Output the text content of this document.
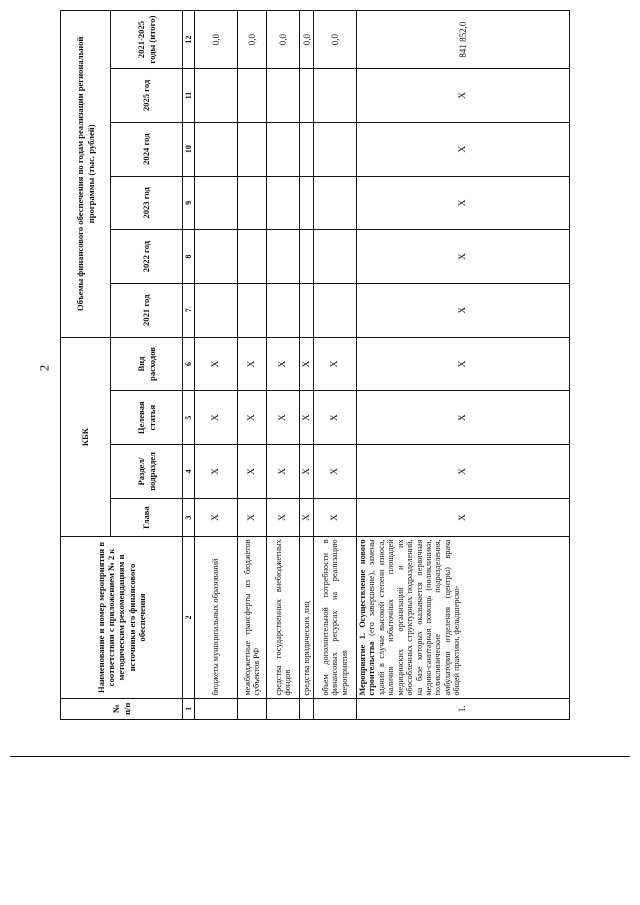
2
№ п/п	Наименование и номер мероприятия в соответствии с приложением № 2 к методическим рекомендациям и источники его финансового обеспечения	КБК				Объемы финансового обеспечения по годам реализации региональной программы (тыс. рублей)					
		Глава	Раздел/ подраздел	Целевая статья	Вид расходов	2021 год	2022 год	2023 год	2024 год	2025 год	2021-2025 годы (итого)
1	2	3	4	5	6	7	8	9	10	11	12
	бюджеты муниципальных образований	X	X	X	X						0,0
	межбюджетные трансферты из бюджетов субъектов РФ	X	X	X	X						0,0
	средства государственных внебюджетных фондов	X	X	X	X						0,0
	средства юридических лиц	X	X	X	X						0,0
	объем дополнительной потребности в финансовых ресурсах на реализацию мероприятия	X	X	X	X						0,0
1.	Мероприятие 1. Осуществление нового строительства (его завершение), замены зданий в случае высокой степени износа, наличия избыточных площадей медицинских организаций и их обособленных структурных подразделений, на базе которых оказывается первичная медико-санитарная помощь (поликлиники, поликлинические подразделения, амбулатории отделения (центры) врача общей практики, фельдшерско-	X	X	X	X	X	X	X	X	X	841 852,0
